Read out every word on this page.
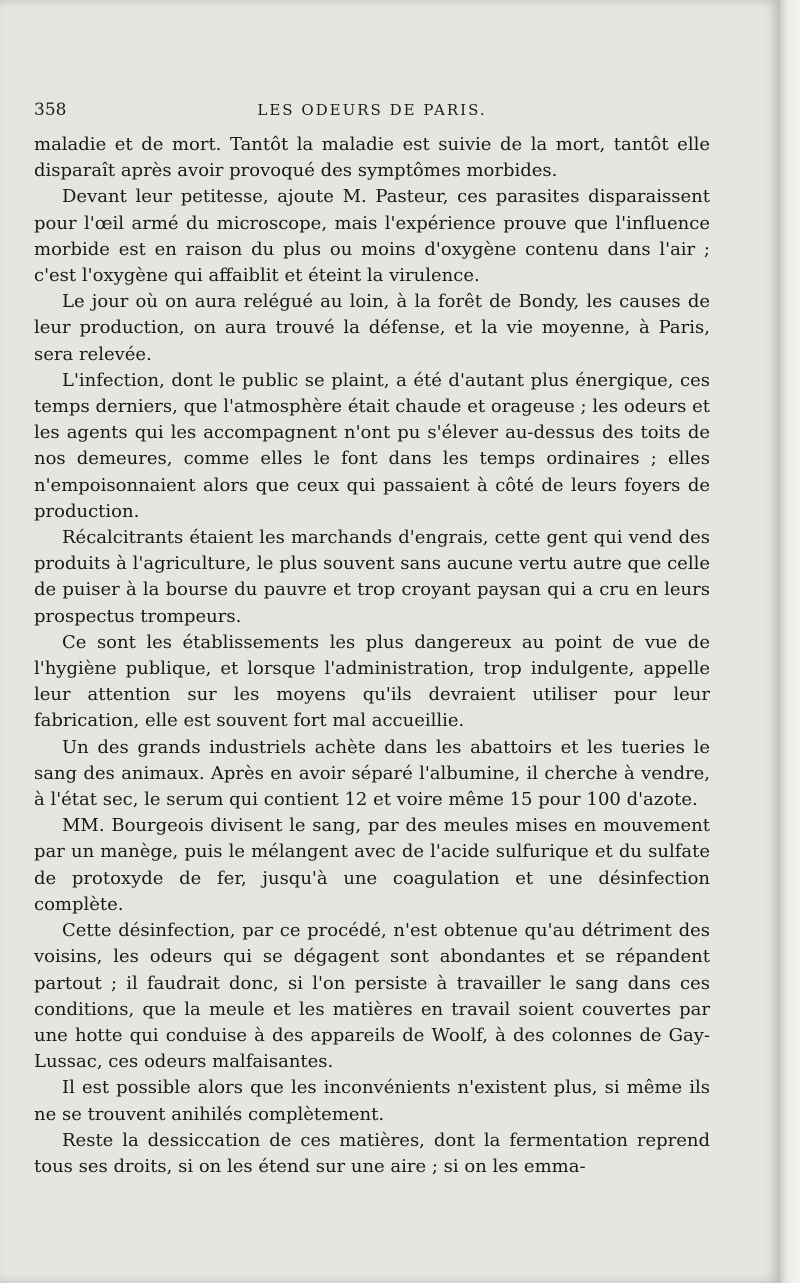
358	LES ODEURS DE PARIS.

maladie et de mort. Tantôt la maladie est suivie de la mort, tantôt elle disparaît après avoir provoqué des symptômes morbides.

Devant leur petitesse, ajoute M. Pasteur, ces parasites disparaissent pour l'œil armé du microscope, mais l'expérience prouve que l'influence morbide est en raison du plus ou moins d'oxygène contenu dans l'air ; c'est l'oxygène qui affaiblit et éteint la virulence.

Le jour où on aura relégué au loin, à la forêt de Bondy, les causes de leur production, on aura trouvé la défense, et la vie moyenne, à Paris, sera relevée.

L'infection, dont le public se plaint, a été d'autant plus énergique, ces temps derniers, que l'atmosphère était chaude et orageuse ; les odeurs et les agents qui les accompagnent n'ont pu s'élever au-dessus des toits de nos demeures, comme elles le font dans les temps ordinaires ; elles n'empoisonnaient alors que ceux qui passaient à côté de leurs foyers de production.

Récalcitrants étaient les marchands d'engrais, cette gent qui vend des produits à l'agriculture, le plus souvent sans aucune vertu autre que celle de puiser à la bourse du pauvre et trop croyant paysan qui a cru en leurs prospectus trompeurs.

Ce sont les établissements les plus dangereux au point de vue de l'hygiène publique, et lorsque l'administration, trop indulgente, appelle leur attention sur les moyens qu'ils devraient utiliser pour leur fabrication, elle est souvent fort mal accueillie.

Un des grands industriels achète dans les abattoirs et les tueries le sang des animaux. Après en avoir séparé l'albumine, il cherche à vendre, à l'état sec, le serum qui contient 12 et voire même 15 pour 100 d'azote.

MM. Bourgeois divisent le sang, par des meules mises en mouvement par un manège, puis le mélangent avec de l'acide sulfurique et du sulfate de protoxyde de fer, jusqu'à une coagulation et une désinfection complète.

Cette désinfection, par ce procédé, n'est obtenue qu'au détriment des voisins, les odeurs qui se dégagent sont abondantes et se répandent partout ; il faudrait donc, si l'on persiste à travailler le sang dans ces conditions, que la meule et les matières en travail soient couvertes par une hotte qui conduise à des appareils de Woolf, à des colonnes de Gay-Lussac, ces odeurs malfaisantes.

Il est possible alors que les inconvénients n'existent plus, si même ils ne se trouvent anihilés complètement.

Reste la dessiccation de ces matières, dont la fermentation reprend tous ses droits, si on les étend sur une aire ; si on les emma-
